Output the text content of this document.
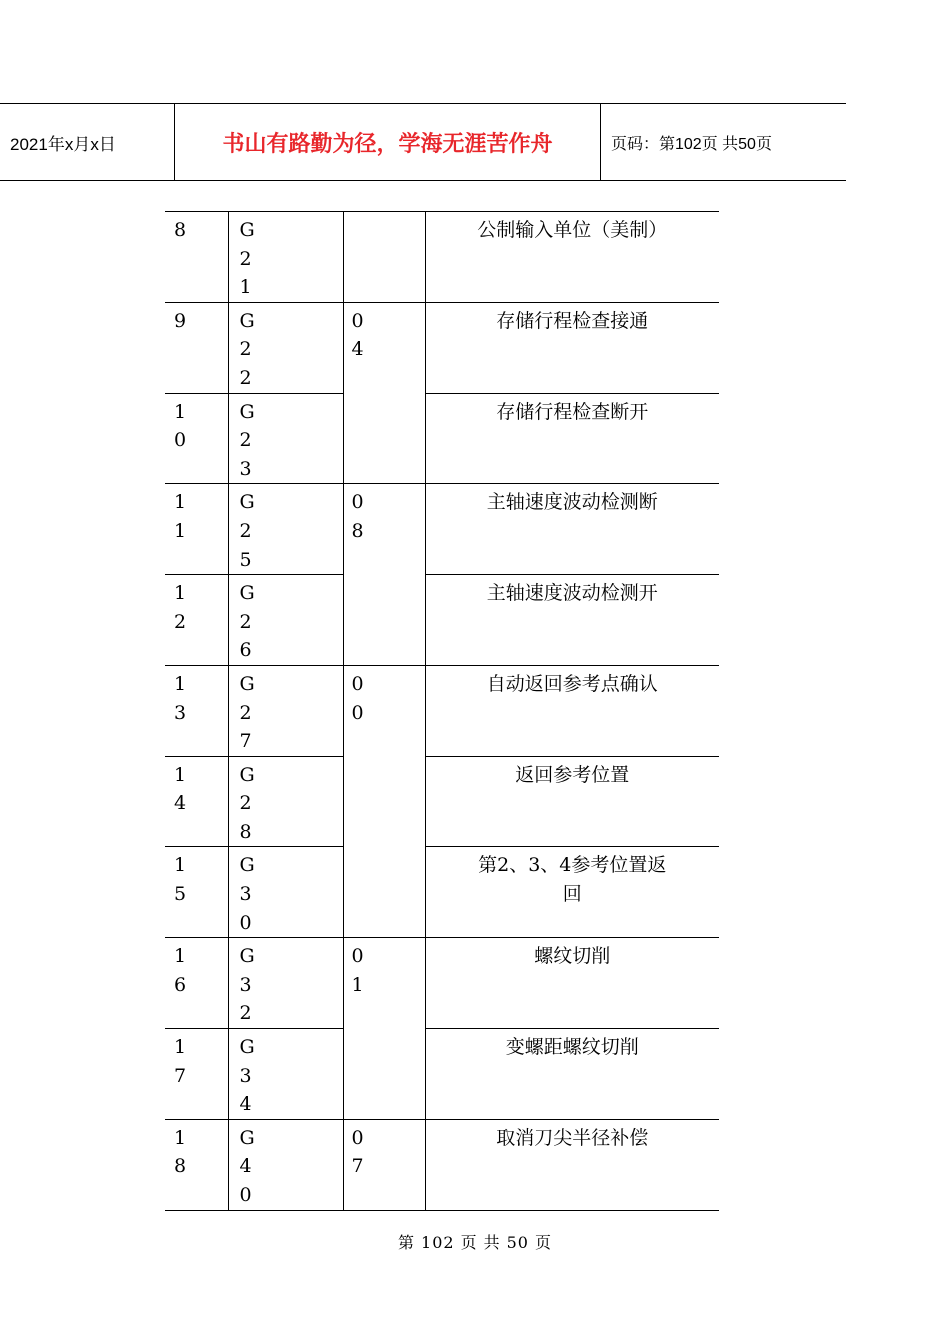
2021年x月x日	书山有路勤为径，学海无涯苦作舟	页码：第102页 共50页
8	G21		公制输入单位（美制）

9	G22	04	存储行程检查接通

10	G23		存储行程检查断开

11	G25	08	主轴速度波动检测断

12	G26		主轴速度波动检测开

13	G27	00	自动返回参考点确认

14	G28		返回参考位置

15	G30		第2、3、4参考位置返回

16	G32	01	螺纹切削

17	G34		变螺距螺纹切削

18	G40	07	取消刀尖半径补偿
第 102 页 共 50 页
